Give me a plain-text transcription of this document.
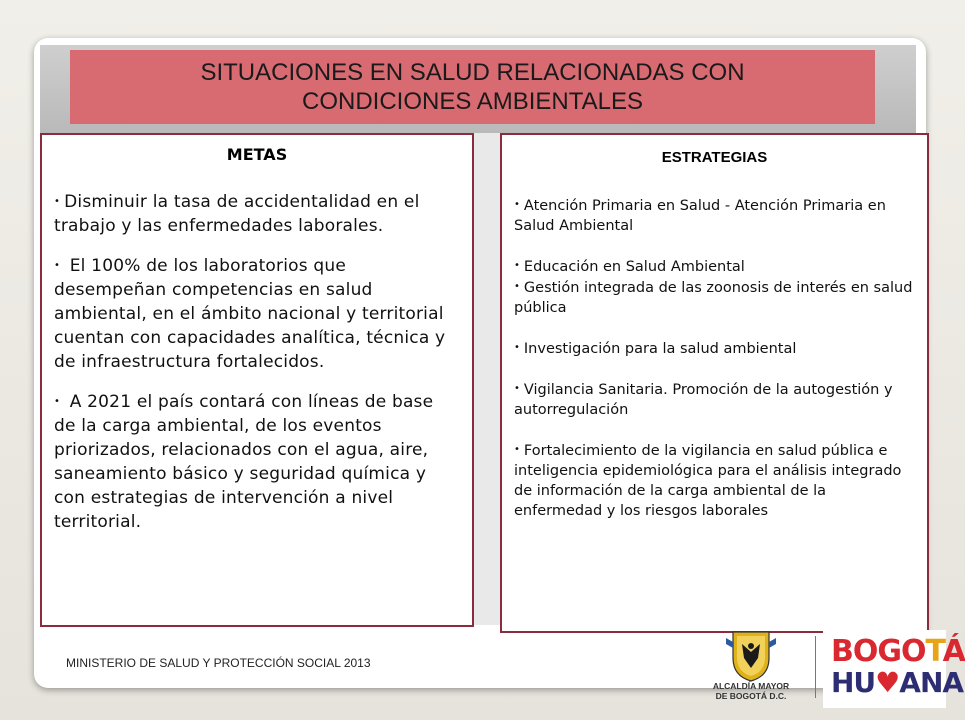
SITUACIONES EN SALUD RELACIONADAS CON
CONDICIONES AMBIENTALES
METAS
• Disminuir la tasa de accidentalidad en el trabajo y las enfermedades laborales.
• El 100% de los laboratorios que desempeñan competencias en salud ambiental, en el ámbito nacional y territorial cuentan con capacidades analítica, técnica y de infraestructura fortalecidos.
• A 2021 el país contará con líneas de base de la carga ambiental, de los eventos priorizados, relacionados con el agua, aire, saneamiento básico y seguridad química y con estrategias de intervención a nivel territorial.
ESTRATEGIAS
• Atención Primaria en Salud - Atención Primaria en Salud Ambiental
• Educación en Salud Ambiental
• Gestión integrada de las zoonosis de interés en salud pública
• Investigación para la salud ambiental
• Vigilancia Sanitaria. Promoción de la autogestión y autorregulación
• Fortalecimiento de la vigilancia en salud pública e inteligencia epidemiológica para el análisis integrado de información de la carga ambiental de la enfermedad y los riesgos laborales
MINISTERIO DE SALUD Y PROTECCIÓN SOCIAL 2013
ALCALDÍA MAYOR
DE BOGOTÁ D.C.
BOGOTÁ
HU♥ANA
